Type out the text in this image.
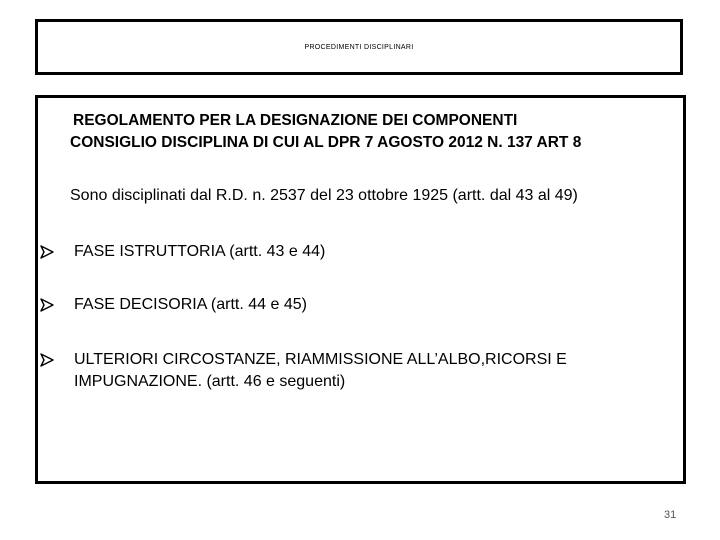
PROCEDIMENTI DISCIPLINARI
REGOLAMENTO PER LA DESIGNAZIONE DEI COMPONENTI
CONSIGLIO DISCIPLINA DI CUI AL DPR 7 AGOSTO 2012 N. 137 ART 8
Sono disciplinati dal R.D. n. 2537 del 23 ottobre 1925 (artt. dal 43 al 49)
FASE ISTRUTTORIA (artt. 43 e 44)
FASE DECISORIA (artt. 44 e 45)
ULTERIORI CIRCOSTANZE, RIAMMISSIONE ALL’ALBO,RICORSI E
IMPUGNAZIONE. (artt. 46 e seguenti)
31
